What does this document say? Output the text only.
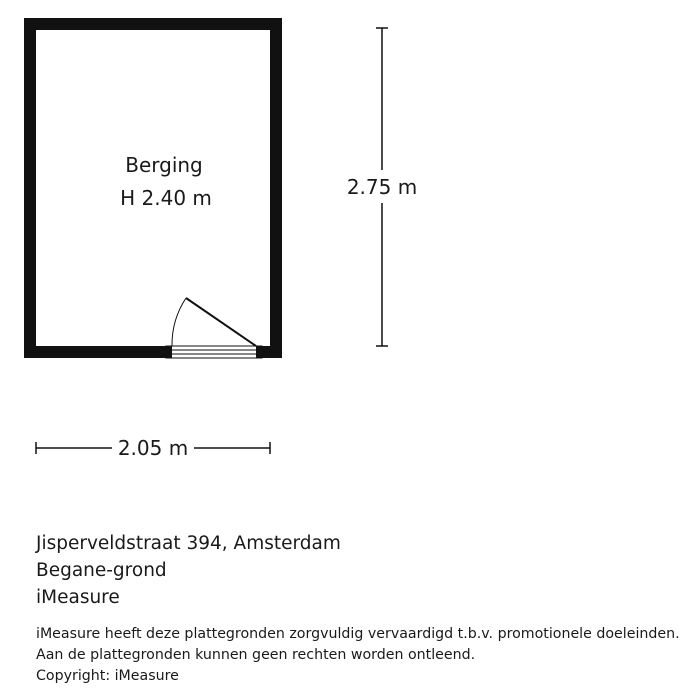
Berging
H 2.40 m	2.75 m
2.05 m
Jisperveldstraat 394, Amsterdam
Begane-grond
iMeasure
iMeasure heeft deze plattegronden zorgvuldig vervaardigd t.b.v. promotionele doeleinden.
Aan de plattegronden kunnen geen rechten worden ontleend.
Copyright: iMeasure
